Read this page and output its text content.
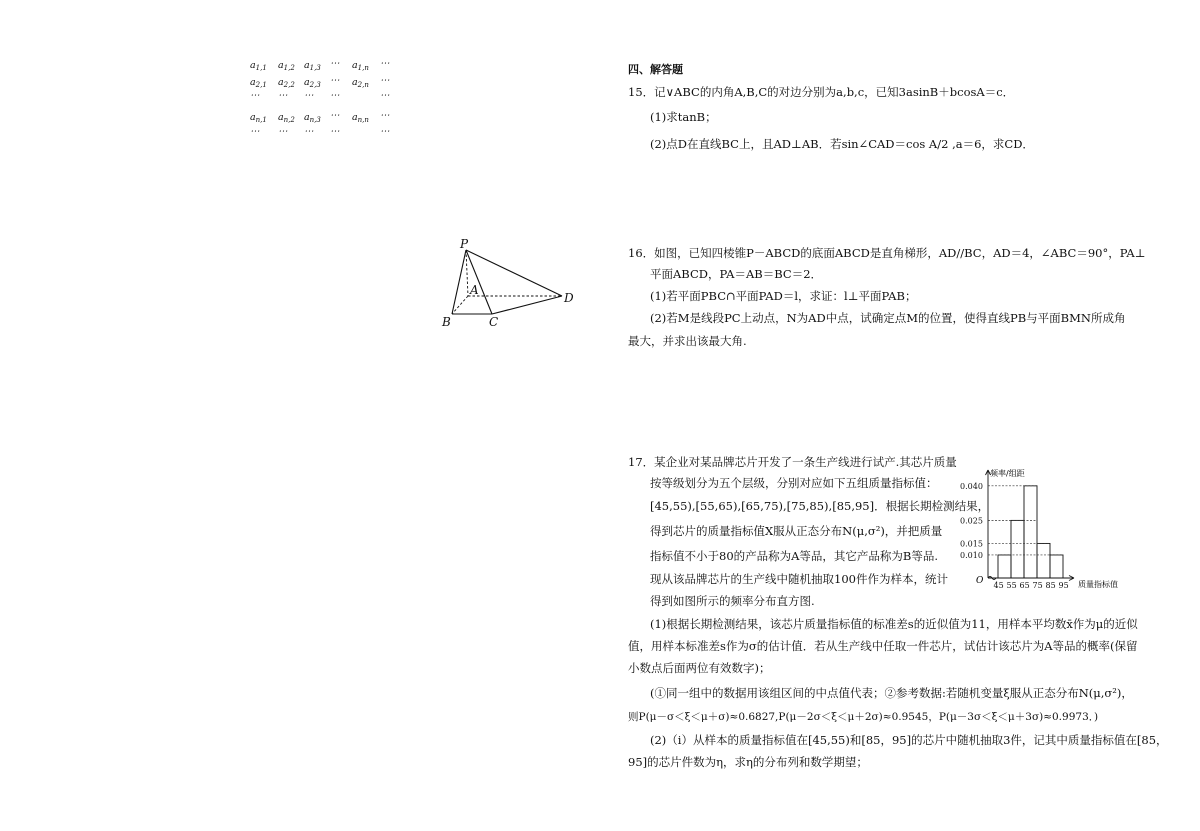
$a_{1,1}$ $a_{1,2}$ $a_{1,3}$ ⋯ $a_{1,n}$ ⋯
$a_{2,1}$ $a_{2,2}$ $a_{2,3}$ ⋯ $a_{2,n}$ ⋯
⋯ ⋯ ⋯ ⋯	⋯
$a_{n,1}$ $a_{n,2}$ $a_{n,3}$ ⋯ $a_{n,n}$ ⋯
⋯ ⋯ ⋯ ⋯	⋯
P
A
B	C
D
四、解答题
15．记∨ABC的内角A,B,C的对边分别为a,b,c，已知3asinB＋bcosA＝c．
(1)求tanB；
(2)点D在直线BC上，且AD⊥AB．若sin∠CAD＝cos A/2 ,a＝6，求CD．
16．如图，已知四棱锥P－ABCD的底面ABCD是直角梯形，AD//BC，AD＝4，∠ABC＝90°，PA⊥
平面ABCD，PA＝AB＝BC＝2．
(1)若平面PBC∩平面PAD＝l，求证：l⊥平面PAB；
(2)若M是线段PC上动点，N为AD中点，试确定点M的位置，使得直线PB与平面BMN所成角
最大，并求出该最大角.
17．某企业对某品牌芯片开发了一条生产线进行试产.其芯片质量
按等级划分为五个层级，分别对应如下五组质量指标值：
[45,55),[55,65),[65,75),[75,85),[85,95]．根据长期检测结果，
得到芯片的质量指标值X服从正态分布N(μ,σ²)，并把质量
指标值不小于80的产品称为A等品，其它产品称为B等品.
现从该品牌芯片的生产线中随机抽取100件作为样本，统计
得到如图所示的频率分布直方图.
(1)根据长期检测结果，该芯片质量指标值的标准差s的近似值为11，用样本平均数x̄作为μ的近似
值，用样本标准差s作为σ的估计值．若从生产线中任取一件芯片，试估计该芯片为A等品的概率(保留
小数点后面两位有效数字)；
(①同一组中的数据用该组区间的中点值代表；②参考数据:若随机变量ξ服从正态分布N(μ,σ²)，
则P(μ－σ＜ξ＜μ＋σ)≈0.6827,P(μ－2σ＜ξ＜μ＋2σ)≈0.9545，P(μ－3σ＜ξ＜μ＋3σ)≈0.9973．)
(2)（i）从样本的质量指标值在[45,55)和[85，95]的芯片中随机抽取3件，记其中质量指标值在[85，
95]的芯片件数为η，求η的分布列和数学期望；
0.010
0.015
0.025
0.040
45 55 65 75 85 95
频率/组距
质量指标值
O
